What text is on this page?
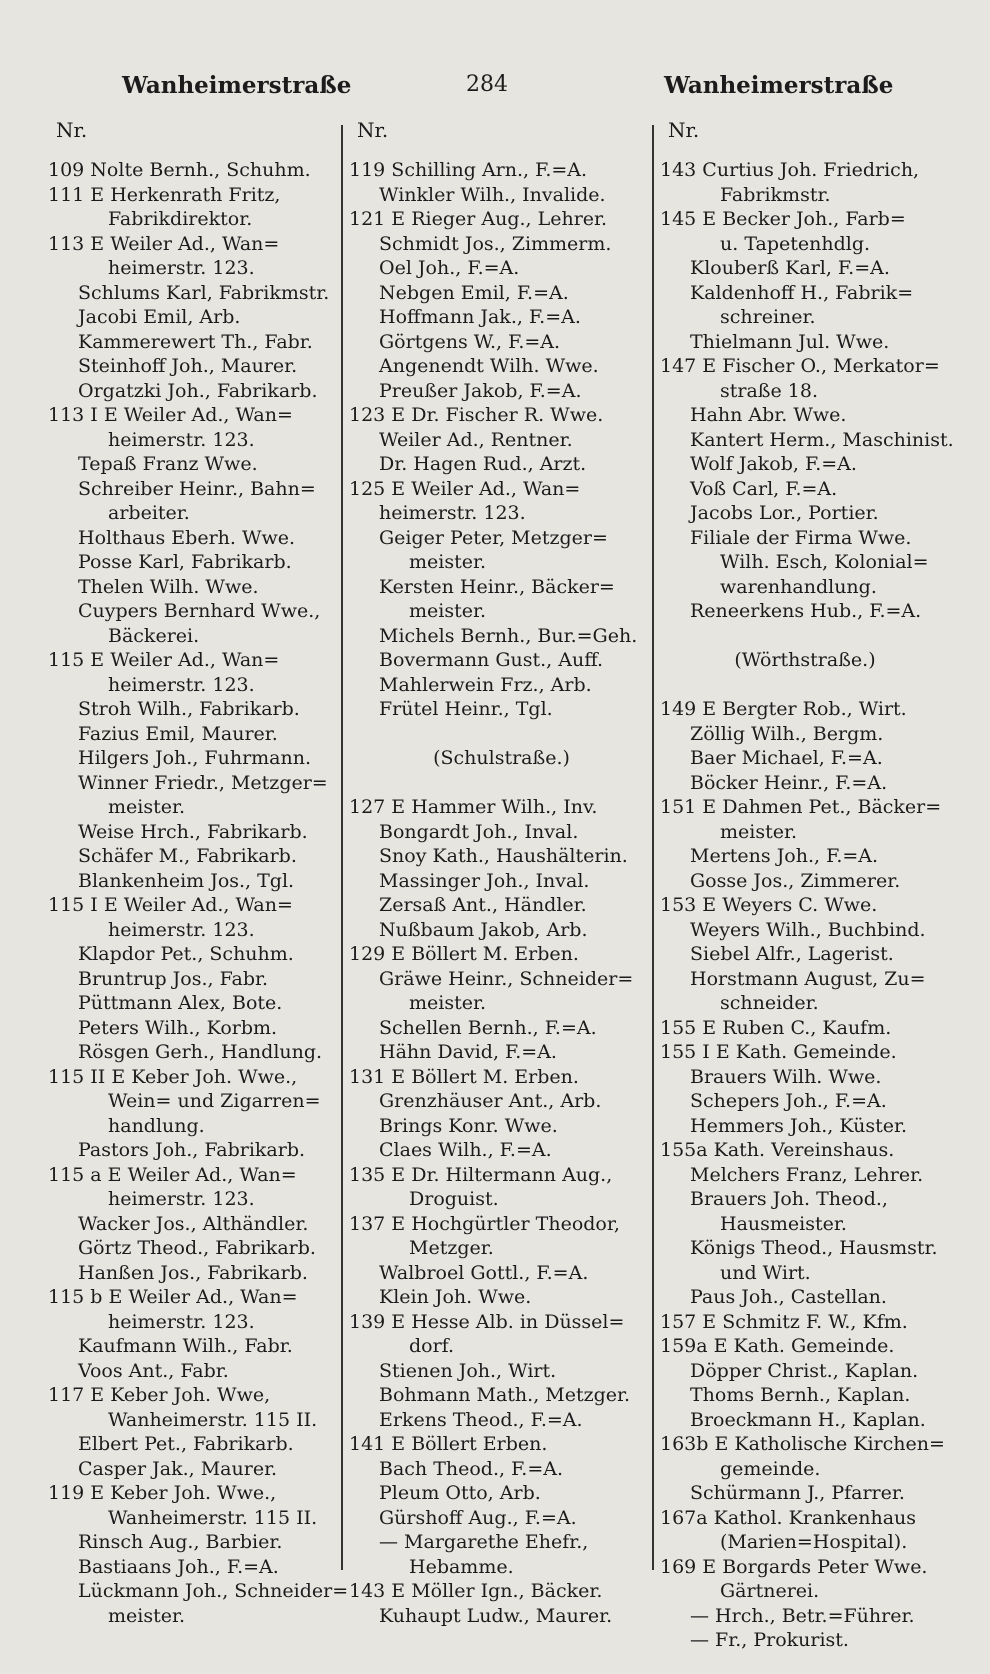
Wanheimerstraße	284	Wanheimerstraße
Nr.
109 Nolte Bernh., Schuhm.
111 E Herkenrath Fritz,
Fabrikdirektor.
113 E Weiler Ad., Wan=
heimerstr. 123.
Schlums Karl, Fabrikmstr.
Jacobi Emil, Arb.
Kammerewert Th., Fabr.
Steinhoff Joh., Maurer.
Orgatzki Joh., Fabrikarb.
113 I E Weiler Ad., Wan=
heimerstr. 123.
Tepaß Franz Wwe.
Schreiber Heinr., Bahn=
arbeiter.
Holthaus Eberh. Wwe.
Posse Karl, Fabrikarb.
Thelen Wilh. Wwe.
Cuypers Bernhard Wwe.,
Bäckerei.
115 E Weiler Ad., Wan=
heimerstr. 123.
Stroh Wilh., Fabrikarb.
Fazius Emil, Maurer.
Hilgers Joh., Fuhrmann.
Winner Friedr., Metzger=
meister.
Weise Hrch., Fabrikarb.
Schäfer M., Fabrikarb.
Blankenheim Jos., Tgl.
115 I E Weiler Ad., Wan=
heimerstr. 123.
Klapdor Pet., Schuhm.
Bruntrup Jos., Fabr.
Püttmann Alex, Bote.
Peters Wilh., Korbm.
Rösgen Gerh., Handlung.
115 II E Keber Joh. Wwe.,
Wein= und Zigarren=
handlung.
Pastors Joh., Fabrikarb.
115 a E Weiler Ad., Wan=
heimerstr. 123.
Wacker Jos., Althändler.
Görtz Theod., Fabrikarb.
Hanßen Jos., Fabrikarb.
115 b E Weiler Ad., Wan=
heimerstr. 123.
Kaufmann Wilh., Fabr.
Voos Ant., Fabr.
117 E Keber Joh. Wwe,
Wanheimerstr. 115 II.
Elbert Pet., Fabrikarb.
Casper Jak., Maurer.
119 E Keber Joh. Wwe.,
Wanheimerstr. 115 II.
Rinsch Aug., Barbier.
Bastiaans Joh., F.=A.
Lückmann Joh., Schneider=
meister.
Nr.
119 Schilling Arn., F.=A.
Winkler Wilh., Invalide.
121 E Rieger Aug., Lehrer.
Schmidt Jos., Zimmerm.
Oel Joh., F.=A.
Nebgen Emil, F.=A.
Hoffmann Jak., F.=A.
Görtgens W., F.=A.
Angenendt Wilh. Wwe.
Preußer Jakob, F.=A.
123 E Dr. Fischer R. Wwe.
Weiler Ad., Rentner.
Dr. Hagen Rud., Arzt.
125 E Weiler Ad., Wan=
heimerstr. 123.
Geiger Peter, Metzger=
meister.
Kersten Heinr., Bäcker=
meister.
Michels Bernh., Bur.=Geh.
Bovermann Gust., Auff.
Mahlerwein Frz., Arb.
Frütel Heinr., Tgl.
(Schulstraße.)
127 E Hammer Wilh., Inv.
Bongardt Joh., Inval.
Snoy Kath., Haushälterin.
Massinger Joh., Inval.
Zersaß Ant., Händler.
Nußbaum Jakob, Arb.
129 E Böllert M. Erben.
Gräwe Heinr., Schneider=
meister.
Schellen Bernh., F.=A.
Hähn David, F.=A.
131 E Böllert M. Erben.
Grenzhäuser Ant., Arb.
Brings Konr. Wwe.
Claes Wilh., F.=A.
135 E Dr. Hiltermann Aug.,
Droguist.
137 E Hochgürtler Theodor,
Metzger.
Walbroel Gottl., F.=A.
Klein Joh. Wwe.
139 E Hesse Alb. in Düssel=
dorf.
Stienen Joh., Wirt.
Bohmann Math., Metzger.
Erkens Theod., F.=A.
141 E Böllert Erben.
Bach Theod., F.=A.
Pleum Otto, Arb.
Gürshoff Aug., F.=A.
— Margarethe Ehefr.,
Hebamme.
143 E Möller Ign., Bäcker.
Kuhaupt Ludw., Maurer.
Nr.
143 Curtius Joh. Friedrich,
Fabrikmstr.
145 E Becker Joh., Farb=
u. Tapetenhdlg.
Klouberß Karl, F.=A.
Kaldenhoff H., Fabrik=
schreiner.
Thielmann Jul. Wwe.
147 E Fischer O., Merkator=
straße 18.
Hahn Abr. Wwe.
Kantert Herm., Maschinist.
Wolf Jakob, F.=A.
Voß Carl, F.=A.
Jacobs Lor., Portier.
Filiale der Firma Wwe.
Wilh. Esch, Kolonial=
warenhandlung.
Reneerkens Hub., F.=A.
(Wörthstraße.)
149 E Bergter Rob., Wirt.
Zöllig Wilh., Bergm.
Baer Michael, F.=A.
Böcker Heinr., F.=A.
151 E Dahmen Pet., Bäcker=
meister.
Mertens Joh., F.=A.
Gosse Jos., Zimmerer.
153 E Weyers C. Wwe.
Weyers Wilh., Buchbind.
Siebel Alfr., Lagerist.
Horstmann August, Zu=
schneider.
155 E Ruben C., Kaufm.
155 I E Kath. Gemeinde.
Brauers Wilh. Wwe.
Schepers Joh., F.=A.
Hemmers Joh., Küster.
155a Kath. Vereinshaus.
Melchers Franz, Lehrer.
Brauers Joh. Theod.,
Hausmeister.
Königs Theod., Hausmstr.
und Wirt.
Paus Joh., Castellan.
157 E Schmitz F. W., Kfm.
159a E Kath. Gemeinde.
Döpper Christ., Kaplan.
Thoms Bernh., Kaplan.
Broeckmann H., Kaplan.
163b E Katholische Kirchen=
gemeinde.
Schürmann J., Pfarrer.
167a Kathol. Krankenhaus
(Marien=Hospital).
169 E Borgards Peter Wwe.
Gärtnerei.
— Hrch., Betr.=Führer.
— Fr., Prokurist.
